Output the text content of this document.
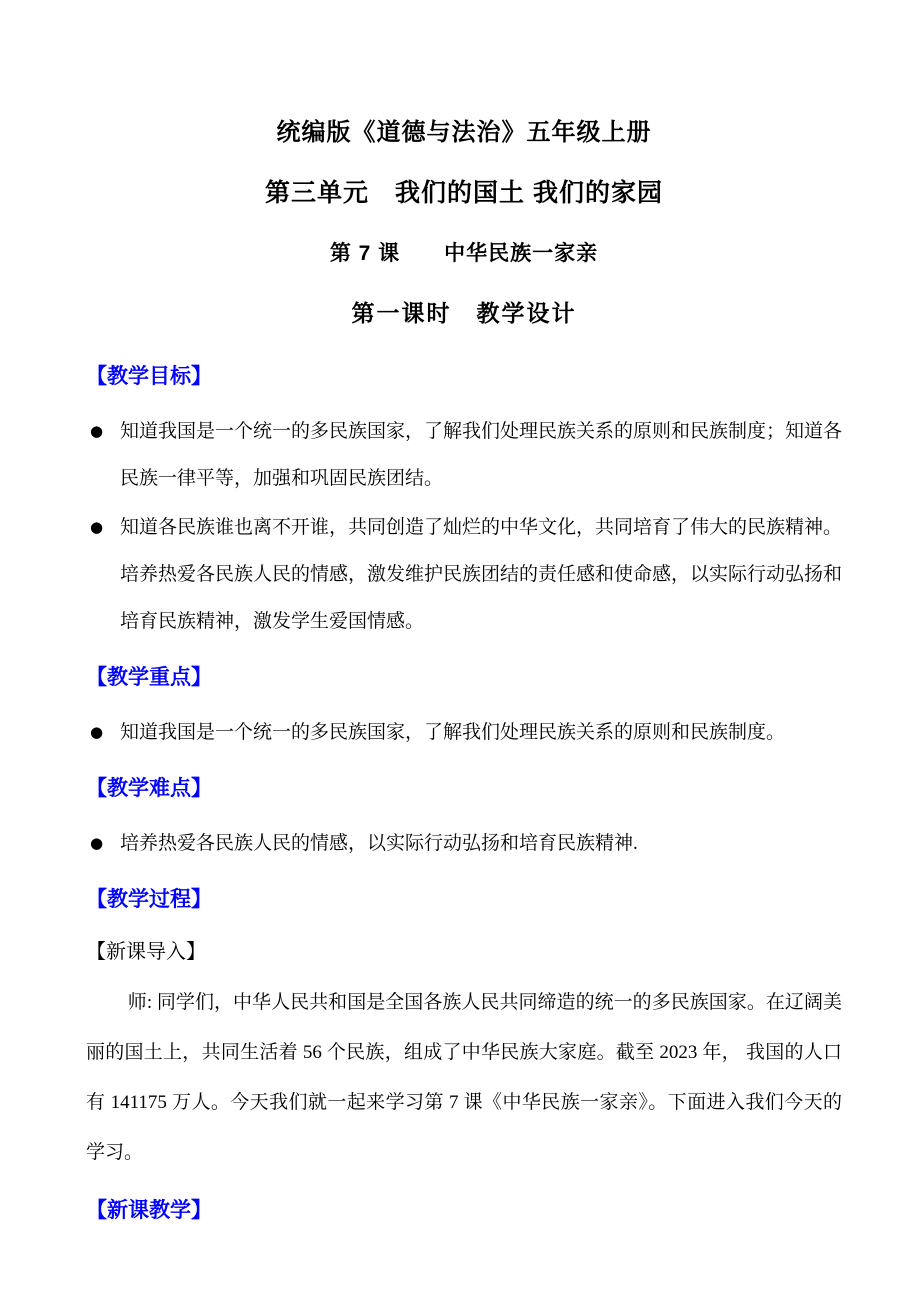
统编版《道德与法治》五年级上册
第三单元　我们的国土 我们的家园
第 7 课　　中华民族一家亲
第一课时　教学设计
【教学目标】
● 知道我国是一个统一的多民族国家，了解我们处理民族关系的原则和民族制度；知道各民族一律平等，加强和巩固民族团结。
● 知道各民族谁也离不开谁，共同创造了灿烂的中华文化，共同培育了伟大的民族精神。培养热爱各民族人民的情感，激发维护民族团结的责任感和使命感，以实际行动弘扬和培育民族精神，激发学生爱国情感。
【教学重点】
● 知道我国是一个统一的多民族国家，了解我们处理民族关系的原则和民族制度。
【教学难点】
● 培养热爱各民族人民的情感，以实际行动弘扬和培育民族精神.
【教学过程】
【新课导入】

师: 同学们，中华人民共和国是全国各族人民共同缔造的统一的多民族国家。在辽阔美丽的国土上，共同生活着 56 个民族，组成了中华民族大家庭。截至 2023 年， 我国的人口有 141175 万人。今天我们就一起来学习第 7 课《中华民族一家亲》。下面进入我们今天的学习。

【新课教学】
